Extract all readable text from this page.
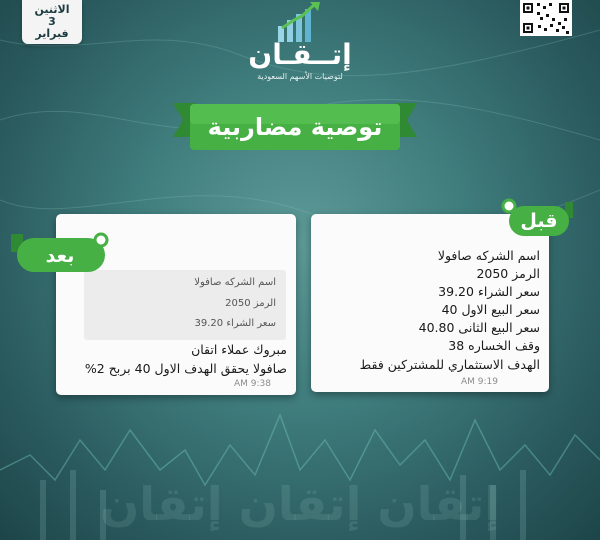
إتقان إتقان إتقان
الاثنين
3
فبراير
إتــقـان
لتوصيات الأسهم السعودية
توصية مضاربية
اسم الشركه صافولا
الرمز 2050
سعر الشراء 39.20
سعر البيع الاول 40
سعر البيع الثانى 40.80
وقف الخساره 38
الهدف الاستثماري للمشتركين فقط
9:19 AM
اسم الشركه صافولا
الرمز 2050
سعر الشراء 39.20
مبروك عملاء اتقان
صافولا يحقق الهدف الاول 40 بربح 2%
9:38 AM
قبل
بعد
